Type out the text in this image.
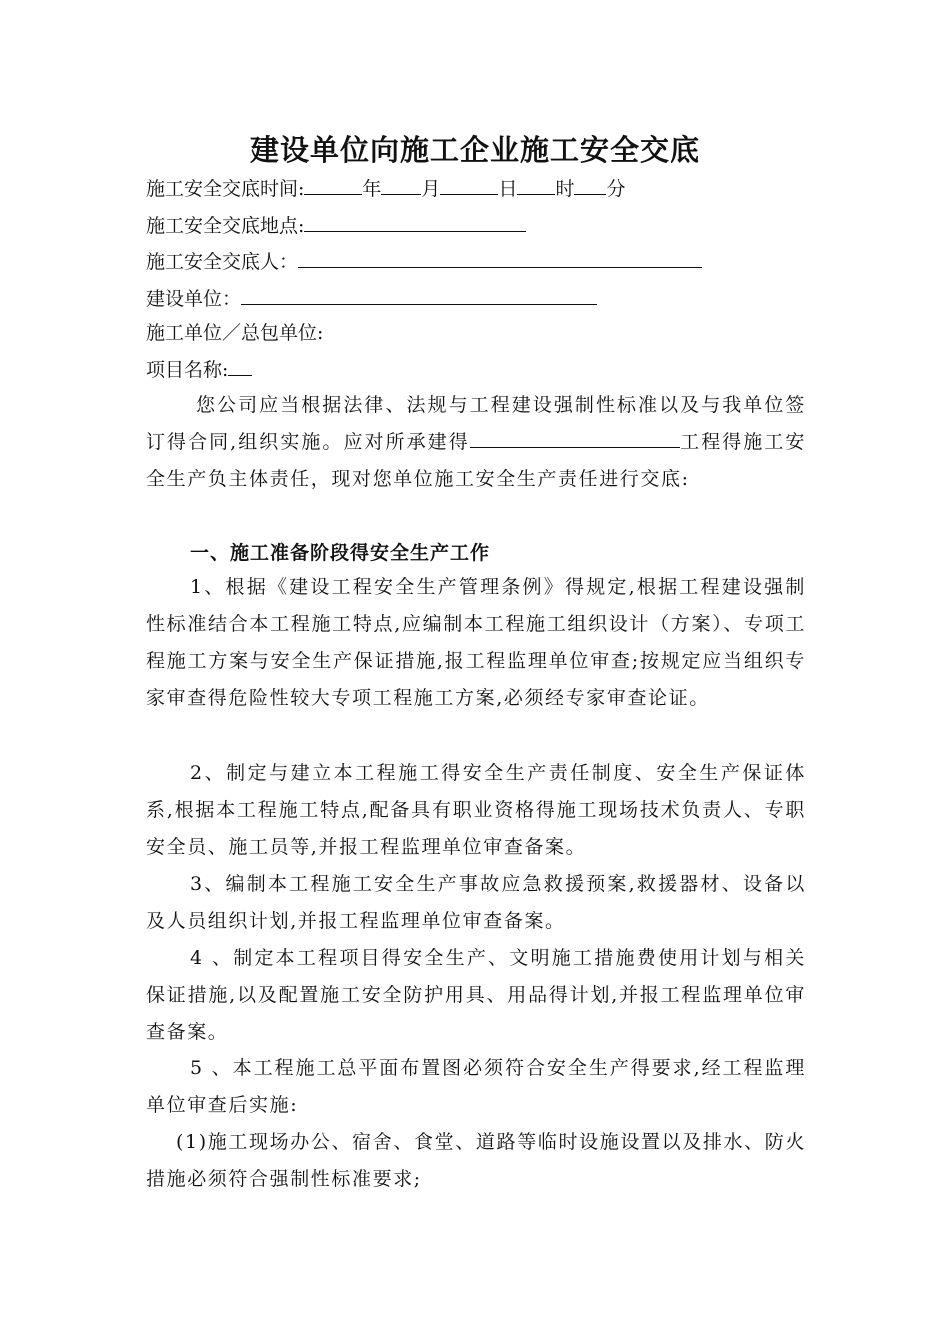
建设单位向施工企业施工安全交底
施工安全交底时间:	年 月	日 时 分
施工安全交底地点:
施工安全交底人：
建设单位：
施工单位／总包单位:
项目名称:
您公司应当根据法律、法规与工程建设强制性标准以及与我单位签订得合同,组织实施。应对所承建得	工程得施工安全生产负主体责任，现对您单位施工安全生产责任进行交底:
一、施工准备阶段得安全生产工作
1、根据《建设工程安全生产管理条例》得规定,根据工程建设强制性标准结合本工程施工特点,应编制本工程施工组织设计（方案）、专项工程施工方案与安全生产保证措施,报工程监理单位审查;按规定应当组织专家审查得危险性较大专项工程施工方案,必须经专家审查论证。
2、制定与建立本工程施工得安全生产责任制度、安全生产保证体系,根据本工程施工特点,配备具有职业资格得施工现场技术负责人、专职安全员、施工员等,并报工程监理单位审查备案。
3、编制本工程施工安全生产事故应急救援预案,救援器材、设备以及人员组织计划,并报工程监理单位审查备案。
4 、制定本工程项目得安全生产、文明施工措施费使用计划与相关保证措施,以及配置施工安全防护用具、用品得计划,并报工程监理单位审查备案。
5 、本工程施工总平面布置图必须符合安全生产得要求,经工程监理单位审查后实施:
(1)施工现场办公、宿舍、食堂、道路等临时设施设置以及排水、防火措施必须符合强制性标准要求;
